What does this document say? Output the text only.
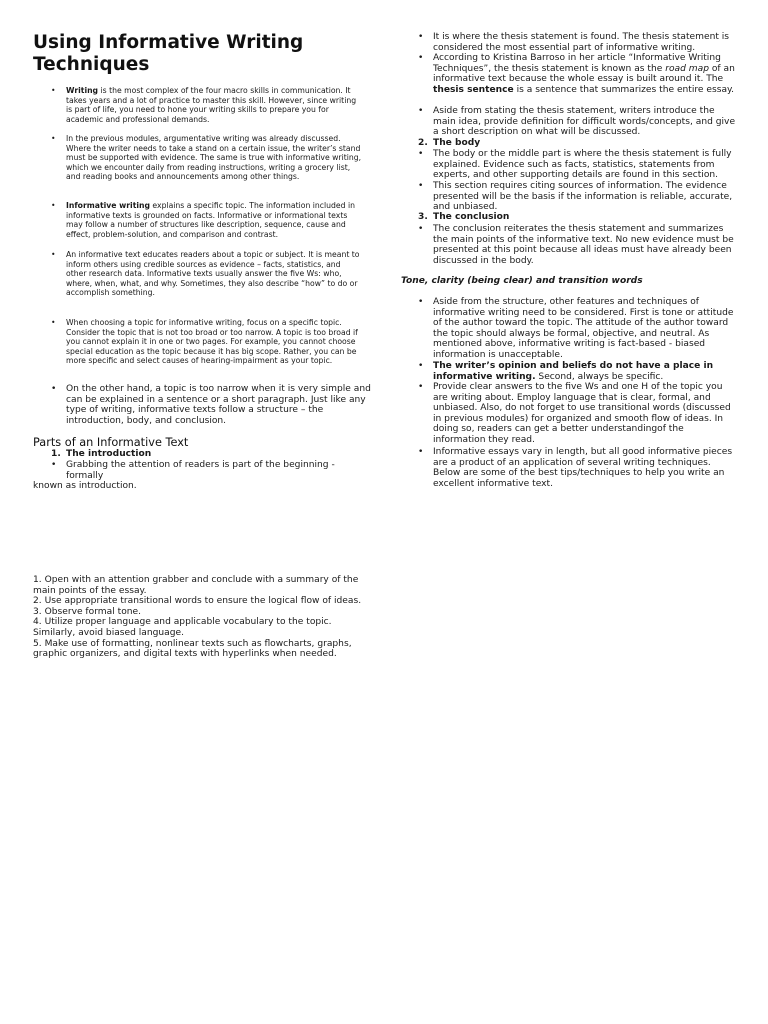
Using Informative Writing Techniques
•	Writing is the most complex of the four macro skills in communication. It takes years and a lot of practice to master this skill. However, since writing is part of life, you need to hone your writing skills to prepare you for academic and professional demands.
•	In the previous modules, argumentative writing was already discussed. Where the writer needs to take a stand on a certain issue, the writer’s stand must be supported with evidence. The same is true with informative writing, which we encounter daily from reading instructions, writing a grocery list, and reading books and announcements among other things.
•	Informative writing explains a specific topic. The information included in informative texts is grounded on facts. Informative or informational texts may follow a number of structures like description, sequence, cause and effect, problem-solution, and comparison and contrast.
•	An informative text educates readers about a topic or subject. It is meant to inform others using credible sources as evidence – facts, statistics, and other research data. Informative texts usually answer the five Ws: who, where, when, what, and why. Sometimes, they also describe “how” to do or accomplish something.
•	When choosing a topic for informative writing, focus on a specific topic. Consider the topic that is not too broad or too narrow. A topic is too broad if you cannot explain it in one or two pages. For example, you cannot choose special education as the topic because it has big scope. Rather, you can be more specific and select causes of hearing-impairment as your topic.
•	On the other hand, a topic is too narrow when it is very simple and can be explained in a sentence or a short paragraph. Just like any type of writing, informative texts follow a structure – the introduction, body, and conclusion.
Parts of an Informative Text
1. The introduction
•	Grabbing the attention of readers is part of the beginning - formally
known as introduction.
1. Open with an attention grabber and conclude with a summary of the main points of the essay.
2. Use appropriate transitional words to ensure the logical flow of ideas.
3. Observe formal tone.
4. Utilize proper language and applicable vocabulary to the topic. Similarly, avoid biased language.
5. Make use of formatting, nonlinear texts such as flowcharts, graphs, graphic organizers, and digital texts with hyperlinks when needed.
•	It is where the thesis statement is found. The thesis statement is considered the most essential part of informative writing.
•	According to Kristina Barroso in her article “Informative Writing Techniques”, the thesis statement is known as the road map of an informative text because the whole essay is built around it. The thesis sentence is a sentence that summarizes the entire essay.
•	Aside from stating the thesis statement, writers introduce the main idea, provide definition for difficult words/concepts, and give a short description on what will be discussed.
2. The body
•	The body or the middle part is where the thesis statement is fully explained. Evidence such as facts, statistics, statements from experts, and other supporting details are found in this section.
•	This section requires citing sources of information. The evidence presented will be the basis if the information is reliable, accurate, and unbiased.
3. The conclusion
•	The conclusion reiterates the thesis statement and summarizes the main points of the informative text. No new evidence must be presented at this point because all ideas must have already been discussed in the body.
Tone, clarity (being clear) and transition words
•	Aside from the structure, other features and techniques of informative writing need to be considered. First is tone or attitude of the author toward the topic. The attitude of the author toward the topic should always be formal, objective, and neutral. As mentioned above, informative writing is fact-based - biased information is unacceptable.
•	The writer’s opinion and beliefs do not have a place in informative writing. Second, always be specific.
•	Provide clear answers to the five Ws and one H of the topic you are writing about. Employ language that is clear, formal, and unbiased. Also, do not forget to use transitional words (discussed in previous modules) for organized and smooth flow of ideas. In doing so, readers can get a better understandingof the information they read.
•	Informative essays vary in length, but all good informative pieces are a product of an application of several writing techniques. Below are some of the best tips/techniques to help you write an excellent informative text.
